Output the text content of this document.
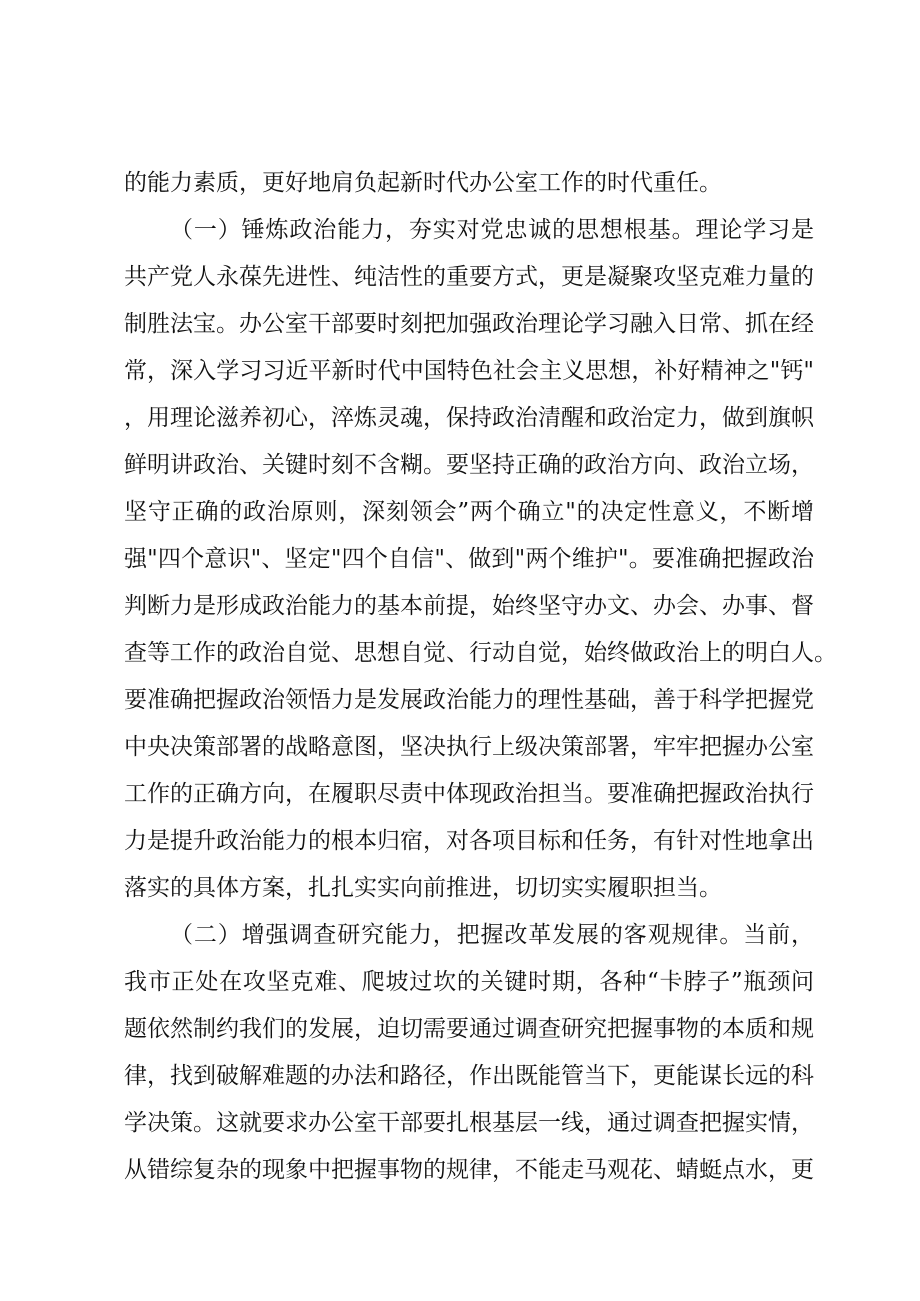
的能力素质，更好地肩负起新时代办公室工作的时代重任。
（一）锤炼政治能力，夯实对党忠诚的思想根基。理论学习是
共产党人永葆先进性、纯洁性的重要方式，更是凝聚攻坚克难力量的
制胜法宝。办公室干部要时刻把加强政治理论学习融入日常、抓在经
常，深入学习习近平新时代中国特色社会主义思想，补好精神之"钙"
，用理论滋养初心，淬炼灵魂，保持政治清醒和政治定力，做到旗帜
鲜明讲政治、关键时刻不含糊。要坚持正确的政治方向、政治立场，
坚守正确的政治原则，深刻领会”两个确立"的决定性意义，不断增
强"四个意识"、坚定"四个自信"、做到"两个维护"。要准确把握政治
判断力是形成政治能力的基本前提，始终坚守办文、办会、办事、督
查等工作的政治自觉、思想自觉、行动自觉，始终做政治上的明白人。
要准确把握政治领悟力是发展政治能力的理性基础，善于科学把握党
中央决策部署的战略意图，坚决执行上级决策部署，牢牢把握办公室
工作的正确方向，在履职尽责中体现政治担当。要准确把握政治执行
力是提升政治能力的根本归宿，对各项目标和任务，有针对性地拿出
落实的具体方案，扎扎实实向前推进，切切实实履职担当。
（二）增强调查研究能力，把握改革发展的客观规律。当前，
我市正处在攻坚克难、爬坡过坎的关键时期，各种“卡脖子”瓶颈问
题依然制约我们的发展，迫切需要通过调查研究把握事物的本质和规
律，找到破解难题的办法和路径，作出既能管当下，更能谋长远的科
学决策。这就要求办公室干部要扎根基层一线，通过调查把握实情，
从错综复杂的现象中把握事物的规律，不能走马观花、蜻蜓点水，更
